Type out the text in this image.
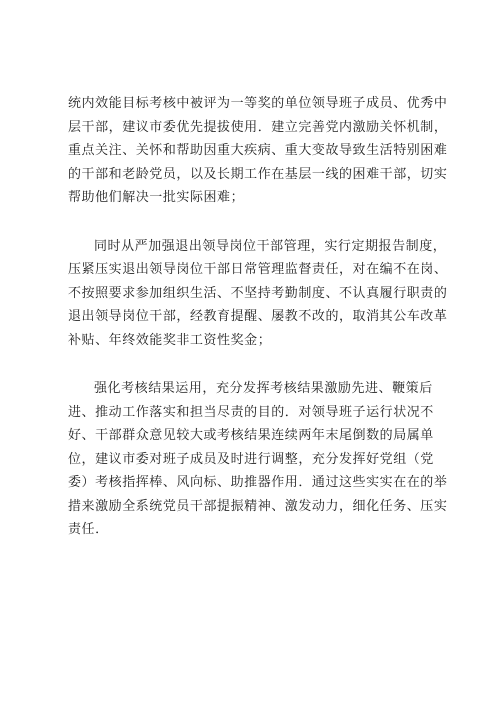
统内效能目标考核中被评为一等奖的单位领导班子成员、优秀中
层干部，建议市委优先提拔使用．建立完善党内激励关怀机制，
重点关注、关怀和帮助因重大疾病、重大变故导致生活特别困难
的干部和老龄党员，以及长期工作在基层一线的困难干部，切实
帮助他们解决一批实际困难；
同时从严加强退出领导岗位干部管理，实行定期报告制度，
压紧压实退出领导岗位干部日常管理监督责任，对在编不在岗、
不按照要求参加组织生活、不坚持考勤制度、不认真履行职责的
退出领导岗位干部，经教育提醒、屡教不改的，取消其公车改革
补贴、年终效能奖非工资性奖金；
强化考核结果运用，充分发挥考核结果激励先进、鞭策后
进、推动工作落实和担当尽责的目的．对领导班子运行状况不
好、干部群众意见较大或考核结果连续两年末尾倒数的局属单
位，建议市委对班子成员及时进行调整，充分发挥好党组（党
委）考核指挥棒、风向标、助推器作用．通过这些实实在在的举
措来激励全系统党员干部提振精神、激发动力，细化任务、压实
责任．
